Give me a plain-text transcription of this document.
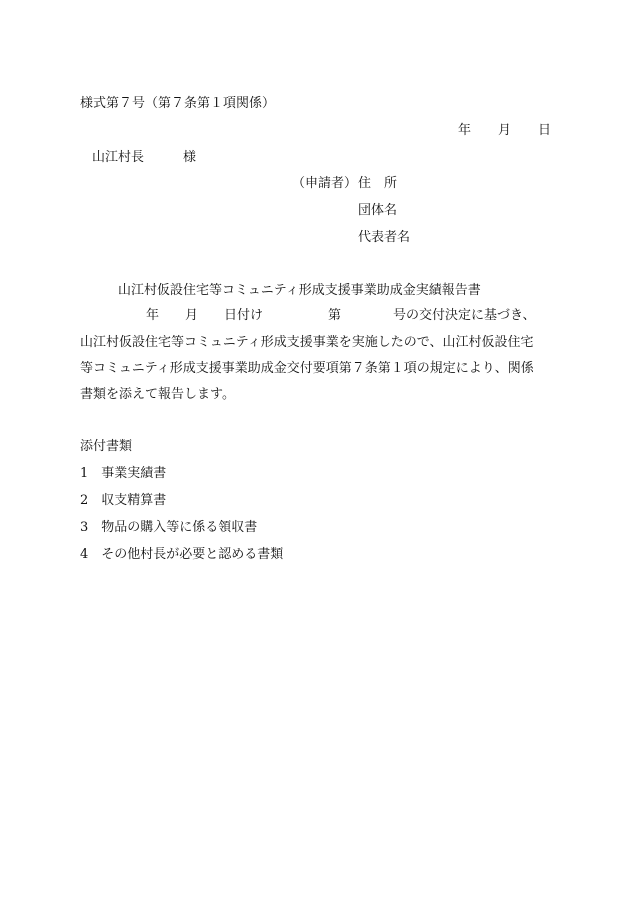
様式第７号（第７条第１項関係）
年 月 日
山江村長　　　様
（申請者） 住　所
団体名
代表者名
山江村仮設住宅等コミュニティ形成支援事業助成金実績報告書
年　　月　　日付け　　　　　第　　　　号の交付決定に基づき、
山江村仮設住宅等コミュニティ形成支援事業を実施したので、山江村仮設住宅
等コミュニティ形成支援事業助成金交付要項第７条第１項の規定により、関係
書類を添えて報告します。
添付書類
1　事業実績書
2　収支精算書
3　物品の購入等に係る領収書
4　その他村長が必要と認める書類
